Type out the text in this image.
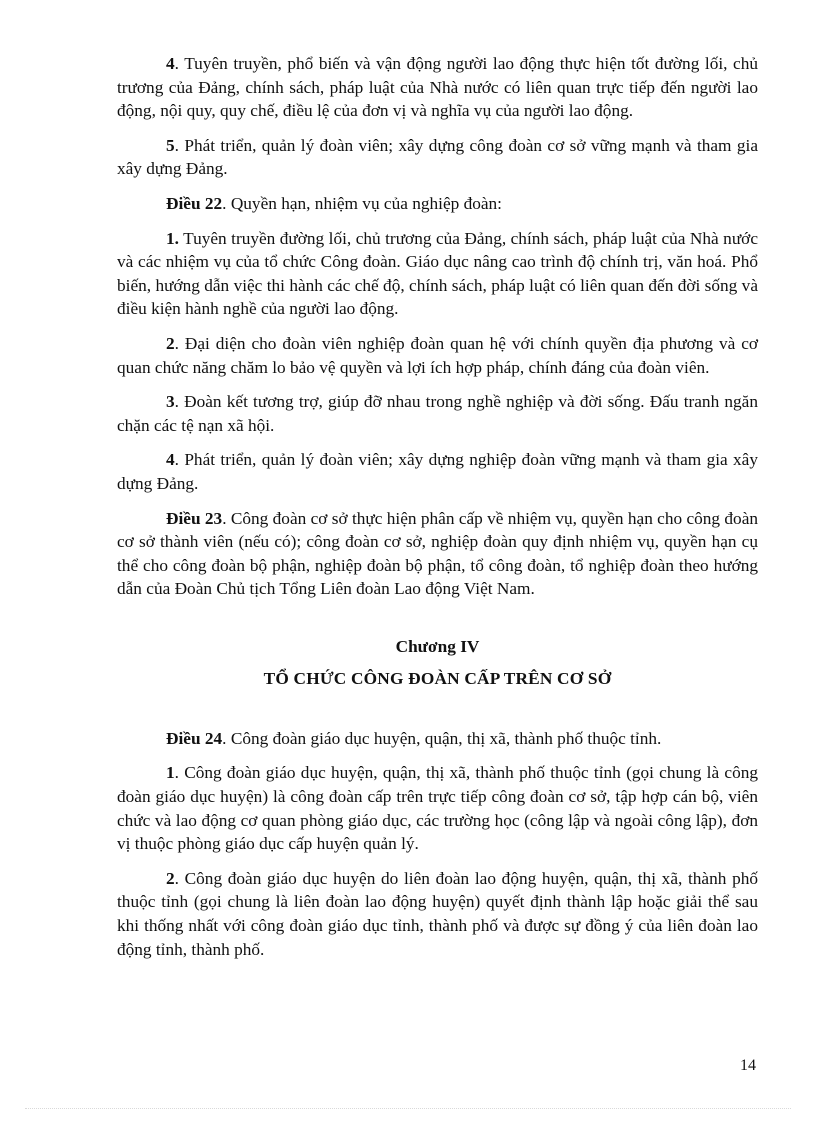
4. Tuyên truyền, phổ biến và vận động người lao động thực hiện tốt đường lối, chủ trương của Đảng, chính sách, pháp luật của Nhà nước có liên quan trực tiếp đến người lao động, nội quy, quy chế, điều lệ của đơn vị và nghĩa vụ của người lao động.

5. Phát triển, quản lý đoàn viên; xây dựng công đoàn cơ sở vững mạnh và tham gia xây dựng Đảng.

Điều 22. Quyền hạn, nhiệm vụ của nghiệp đoàn:

1. Tuyên truyền đường lối, chủ trương của Đảng, chính sách, pháp luật của Nhà nước và các nhiệm vụ của tổ chức Công đoàn. Giáo dục nâng cao trình độ chính trị, văn hoá. Phổ biến, hướng dẫn việc thi hành các chế độ, chính sách, pháp luật có liên quan đến đời sống và điều kiện hành nghề của người lao động.

2. Đại diện cho đoàn viên nghiệp đoàn quan hệ với chính quyền địa phương và cơ quan chức năng chăm lo bảo vệ quyền và lợi ích hợp pháp, chính đáng của đoàn viên.

3. Đoàn kết tương trợ, giúp đỡ nhau trong nghề nghiệp và đời sống. Đấu tranh ngăn chặn các tệ nạn xã hội.

4. Phát triển, quản lý đoàn viên; xây dựng nghiệp đoàn vững mạnh và tham gia xây dựng Đảng.

Điều 23. Công đoàn cơ sở thực hiện phân cấp về nhiệm vụ, quyền hạn cho công đoàn cơ sở thành viên (nếu có); công đoàn cơ sở, nghiệp đoàn quy định nhiệm vụ, quyền hạn cụ thể cho công đoàn bộ phận, nghiệp đoàn bộ phận, tổ công đoàn, tổ nghiệp đoàn theo hướng dẫn của Đoàn Chủ tịch Tổng Liên đoàn Lao động Việt Nam.

Chương IV
TỔ CHỨC CÔNG ĐOÀN CẤP TRÊN CƠ SỞ

Điều 24. Công đoàn giáo dục huyện, quận, thị xã, thành phố thuộc tỉnh.

1. Công đoàn giáo dục huyện, quận, thị xã, thành phố thuộc tỉnh (gọi chung là công đoàn giáo dục huyện) là công đoàn cấp trên trực tiếp công đoàn cơ sở, tập hợp cán bộ, viên chức và lao động cơ quan phòng giáo dục, các trường học (công lập và ngoài công lập), đơn vị thuộc phòng giáo dục cấp huyện quản lý.

2. Công đoàn giáo dục huyện do liên đoàn lao động huyện, quận, thị xã, thành phố thuộc tỉnh (gọi chung là liên đoàn lao động huyện) quyết định thành lập hoặc giải thể sau khi thống nhất với công đoàn giáo dục tỉnh, thành phố và được sự đồng ý của liên đoàn lao động tỉnh, thành phố.

14
